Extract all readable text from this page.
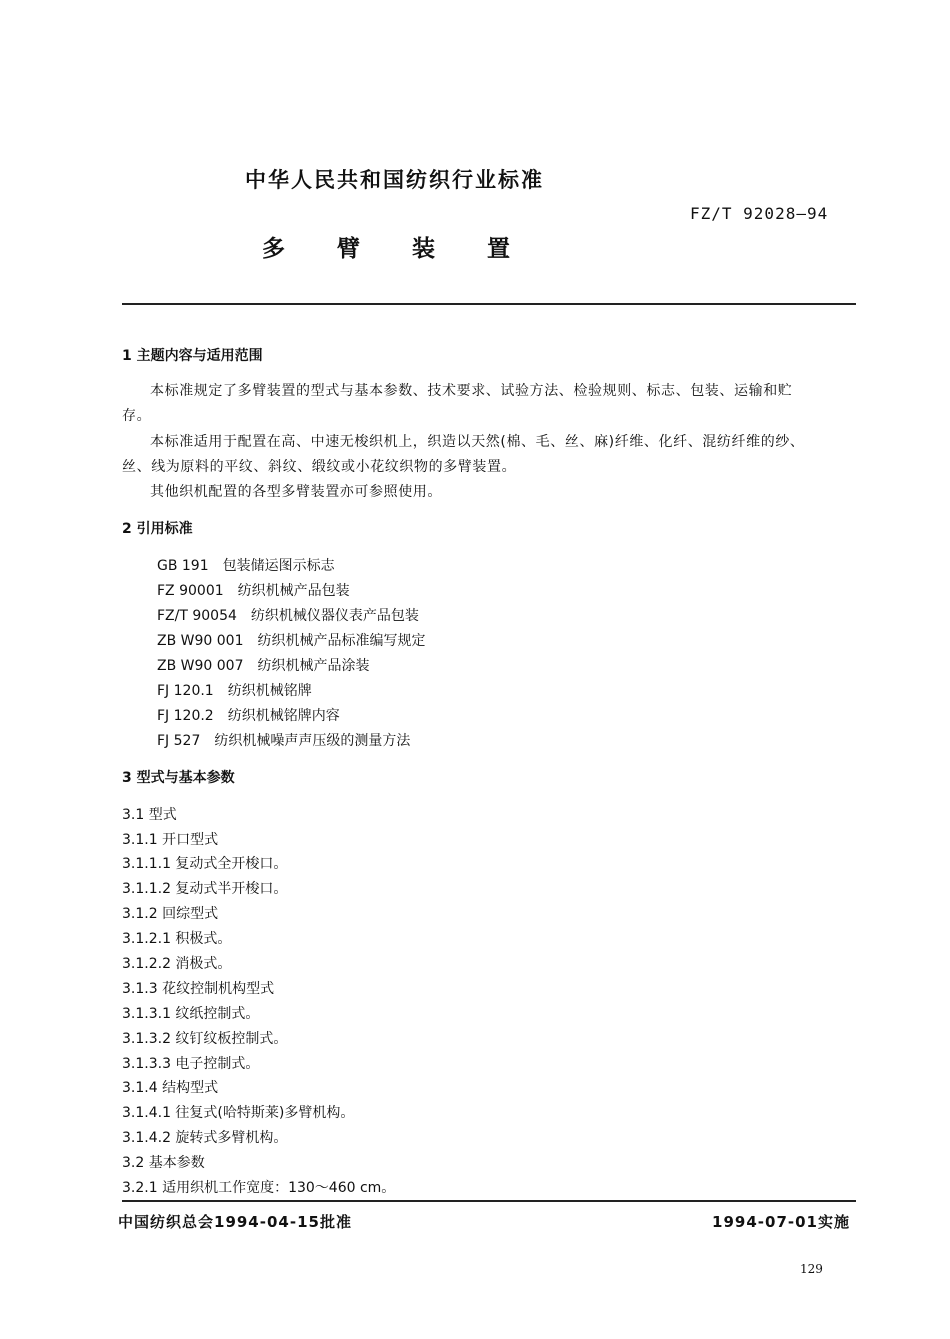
中华人民共和国纺织行业标准
FZ/T 92028—94
多臂装置
1 主题内容与适用范围
本标准规定了多臂装置的型式与基本参数、技术要求、试验方法、检验规则、标志、包装、运输和贮
存。
本标准适用于配置在高、中速无梭织机上，织造以天然(棉、毛、丝、麻)纤维、化纤、混纺纤维的纱、
丝、线为原料的平纹、斜纹、缎纹或小花纹织物的多臂装置。
其他织机配置的各型多臂装置亦可参照使用。
2 引用标准
GB 191 包装储运图示标志
FZ 90001 纺织机械产品包装
FZ/T 90054 纺织机械仪器仪表产品包装
ZB W90 001 纺织机械产品标准编写规定
ZB W90 007 纺织机械产品涂装
FJ 120.1 纺织机械铭牌
FJ 120.2 纺织机械铭牌内容
FJ 527 纺织机械噪声声压级的测量方法
3 型式与基本参数
3.1 型式
3.1.1 开口型式
3.1.1.1 复动式全开梭口。
3.1.1.2 复动式半开梭口。
3.1.2 回综型式
3.1.2.1 积极式。
3.1.2.2 消极式。
3.1.3 花纹控制机构型式
3.1.3.1 纹纸控制式。
3.1.3.2 纹钉纹板控制式。
3.1.3.3 电子控制式。
3.1.4 结构型式
3.1.4.1 往复式(哈特斯莱)多臂机构。
3.1.4.2 旋转式多臂机构。
3.2 基本参数
3.2.1 适用织机工作宽度：130～460 cm。
中国纺织总会1994-04-15批准	1994-07-01实施
129
